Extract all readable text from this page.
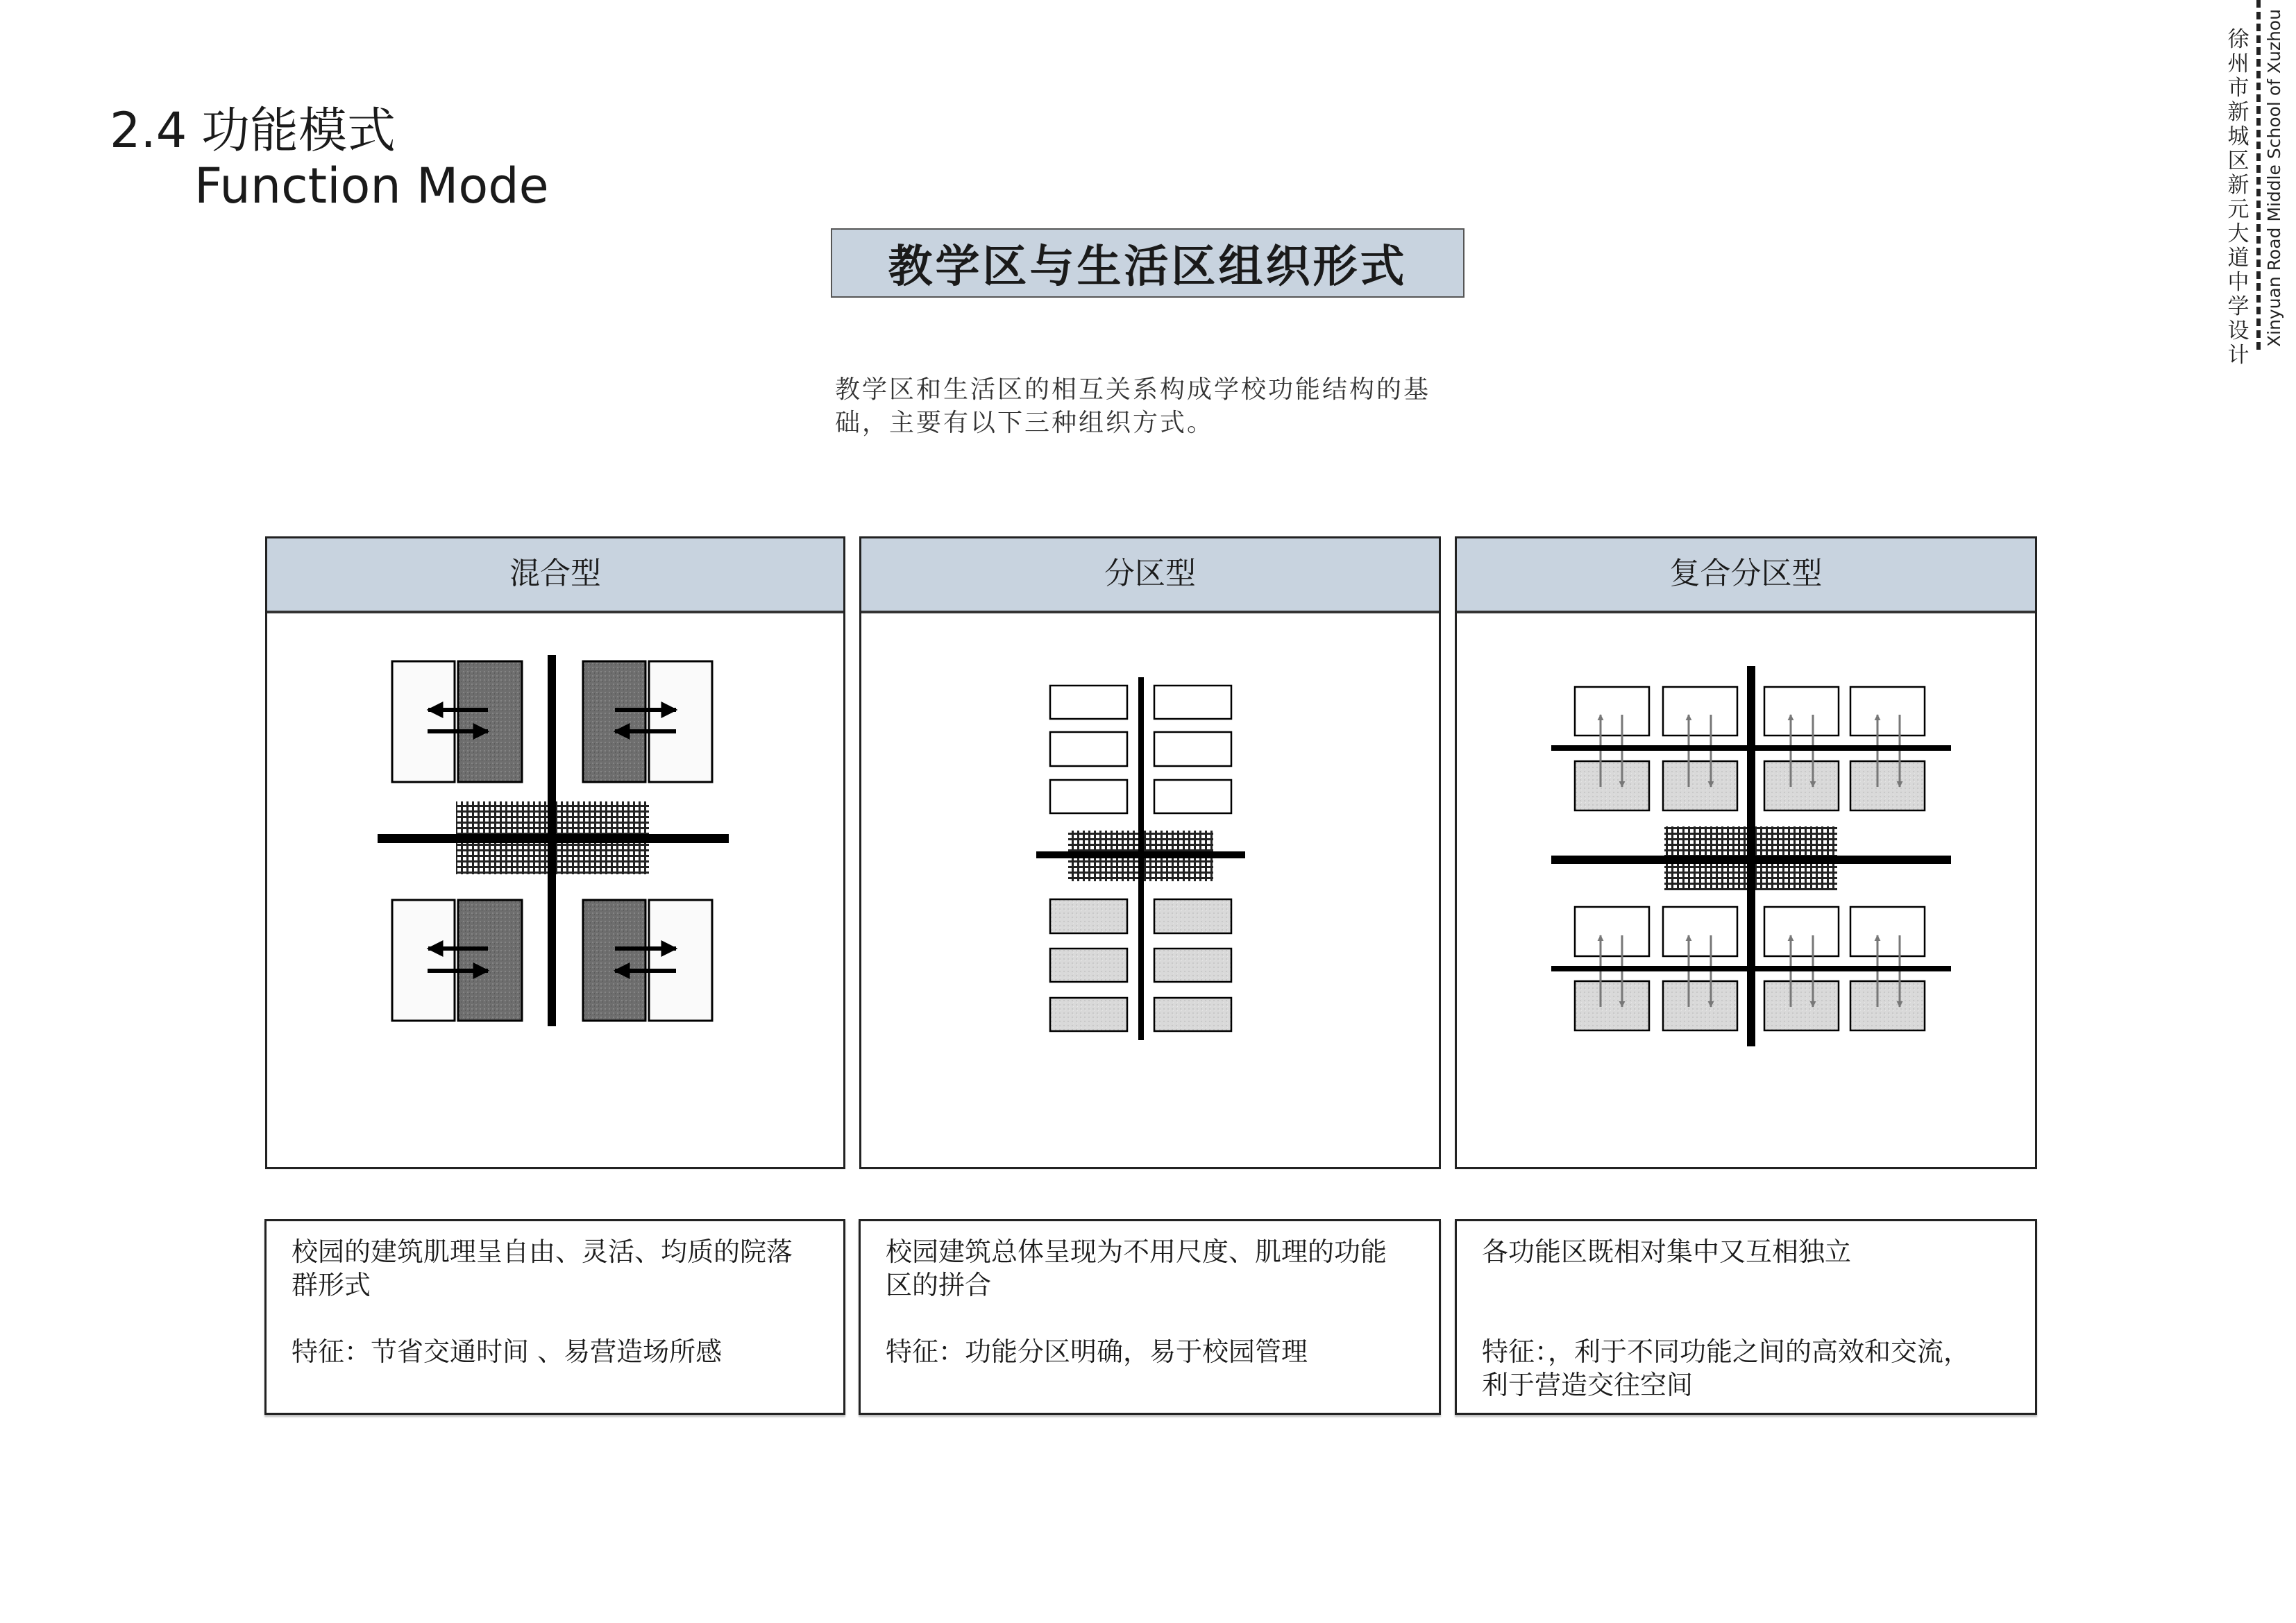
2.4 功能模式
Function Mode
徐
州
市
新
城
区
新
元
大
道
中
学
设
计
Xinyuan Road Middle School of Xuzhou
教学区与生活区组织形式
教学区和生活区的相互关系构成学校功能结构的基
础，主要有以下三种组织方式。
混合型	分区型	复合分区型

校园的建筑肌理呈自由、灵活、均质的院落

群形式

特征：节省交通时间 、易营造场所感

校园建筑总体呈现为不用尺度、肌理的功能

区的拼合

特征：功能分区明确，易于校园管理

各功能区既相对集中又互相独立

特征：，利于不同功能之间的高效和交流，

利于营造交往空间
